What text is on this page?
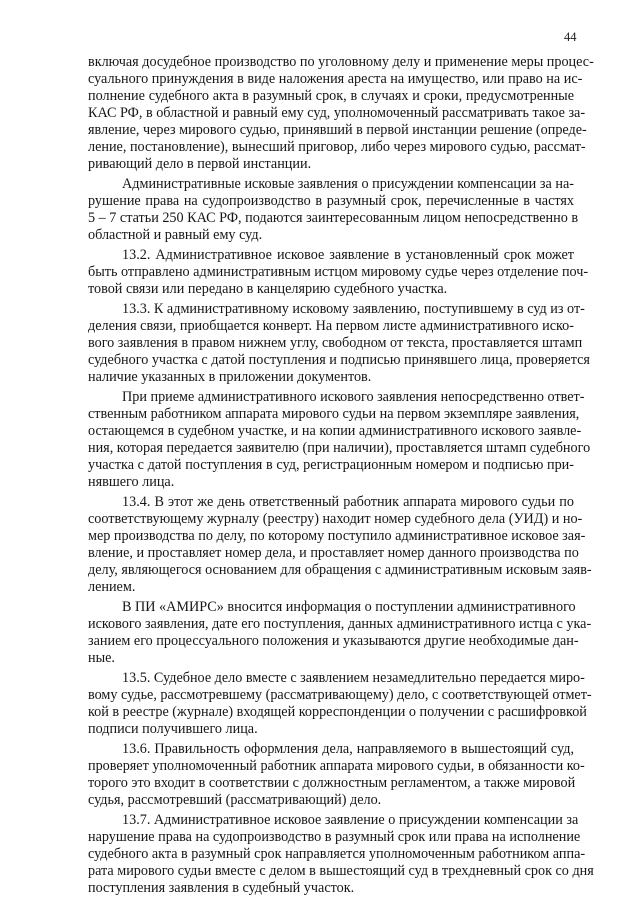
44
включая досудебное производство по уголовному делу и применение меры процес-
суального принуждения в виде наложения ареста на имущество, или право на ис-
полнение судебного акта в разумный срок, в случаях и сроки, предусмотренные
КАС РФ, в областной и равный ему суд, уполномоченный рассматривать такое за-
явление, через мирового судью, принявший в первой инстанции решение (опреде-
ление, постановление), вынесший приговор, либо через мирового судью, рассмат-
ривающий дело в первой инстанции.
Административные исковые заявления о присуждении компенсации за на-
рушение права на судопроизводство в разумный срок, перечисленные в частях
5 – 7 статьи 250 КАС РФ, подаются заинтересованным лицом непосредственно в
областной и равный ему суд.
13.2. Административное исковое заявление в установленный срок может
быть отправлено административным истцом мировому судье через отделение поч-
товой связи или передано в канцелярию судебного участка.
13.3. К административному исковому заявлению, поступившему в суд из от-
деления связи, приобщается конверт. На первом листе административного иско-
вого заявления в правом нижнем углу, свободном от текста, проставляется штамп
судебного участка с датой поступления и подписью принявшего лица, проверяется
наличие указанных в приложении документов.
При приеме административного искового заявления непосредственно ответ-
ственным работником аппарата мирового судьи на первом экземпляре заявления,
остающемся в судебном участке, и на копии административного искового заявле-
ния, которая передается заявителю (при наличии), проставляется штамп судебного
участка с датой поступления в суд, регистрационным номером и подписью при-
нявшего лица.
13.4. В этот же день ответственный работник аппарата мирового судьи по
соответствующему журналу (реестру) находит номер судебного дела (УИД) и но-
мер производства по делу, по которому поступило административное исковое зая-
вление, и проставляет номер дела, и проставляет номер данного производства по
делу, являющегося основанием для обращения с административным исковым заяв-
лением.
В ПИ «АМИРС» вносится информация о поступлении административного
искового заявления, дате его поступления, данных административного истца с ука-
занием его процессуального положения и указываются другие необходимые дан-
ные.
13.5. Судебное дело вместе с заявлением незамедлительно передается миро-
вому судье, рассмотревшему (рассматривающему) дело, с соответствующей отмет-
кой в реестре (журнале) входящей корреспонденции о получении с расшифровкой
подписи получившего лица.
13.6. Правильность оформления дела, направляемого в вышестоящий суд,
проверяет уполномоченный работник аппарата мирового судьи, в обязанности ко-
торого это входит в соответствии с должностным регламентом, а также мировой
судья, рассмотревший (рассматривающий) дело.
13.7. Административное исковое заявление о присуждении компенсации за
нарушение права на судопроизводство в разумный срок или права на исполнение
судебного акта в разумный срок направляется уполномоченным работником аппа-
рата мирового судьи вместе с делом в вышестоящий суд в трехдневный срок со дня
поступления заявления в судебный участок.
